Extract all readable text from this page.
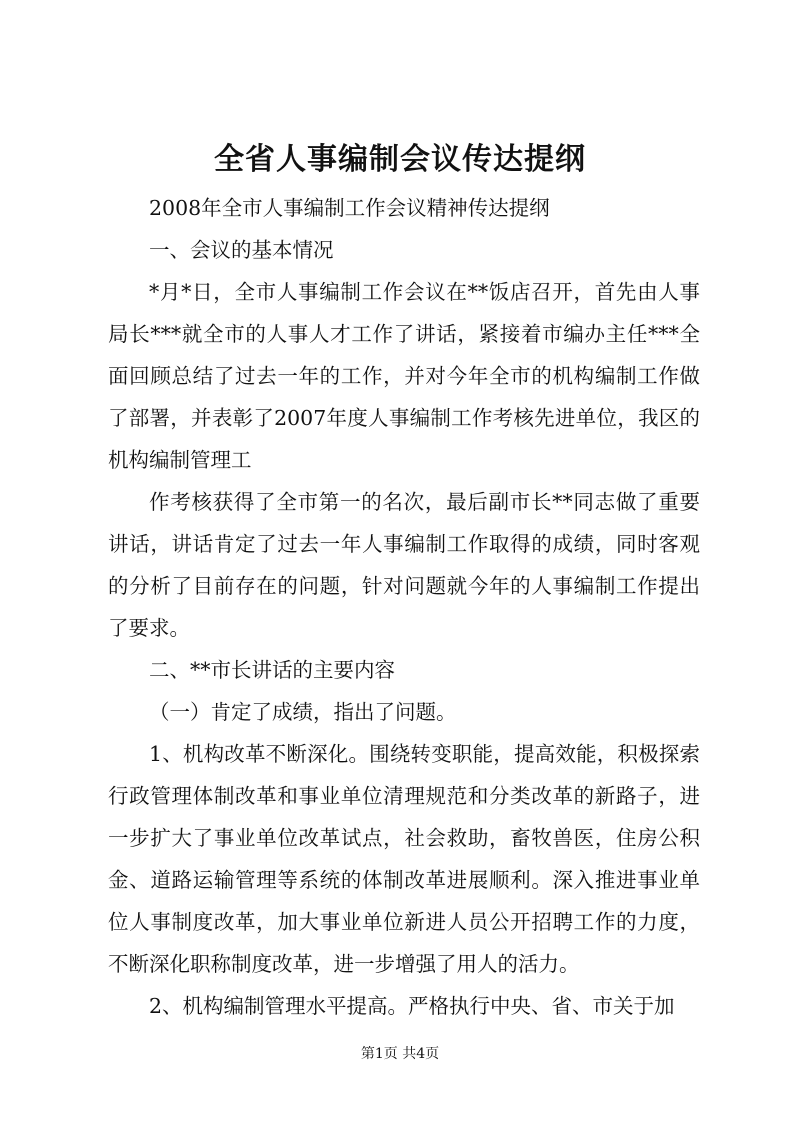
全省人事编制会议传达提纲

2008年全市人事编制工作会议精神传达提纲

一、会议的基本情况

*月*日，全市人事编制工作会议在**饭店召开，首先由人事局长***就全市的人事人才工作了讲话，紧接着市编办主任***全面回顾总结了过去一年的工作，并对今年全市的机构编制工作做了部署，并表彰了2007年度人事编制工作考核先进单位，我区的机构编制管理工

作考核获得了全市第一的名次，最后副市长**同志做了重要讲话，讲话肯定了过去一年人事编制工作取得的成绩，同时客观的分析了目前存在的问题，针对问题就今年的人事编制工作提出了要求。

二、**市长讲话的主要内容

（一）肯定了成绩，指出了问题。

1、机构改革不断深化。围绕转变职能，提高效能，积极探索行政管理体制改革和事业单位清理规范和分类改革的新路子，进一步扩大了事业单位改革试点，社会救助，畜牧兽医，住房公积金、道路运输管理等系统的体制改革进展顺利。深入推进事业单位人事制度改革，加大事业单位新进人员公开招聘工作的力度，不断深化职称制度改革，进一步增强了用人的活力。

2、机构编制管理水平提高。严格执行中央、省、市关于加

第1页 共4页
